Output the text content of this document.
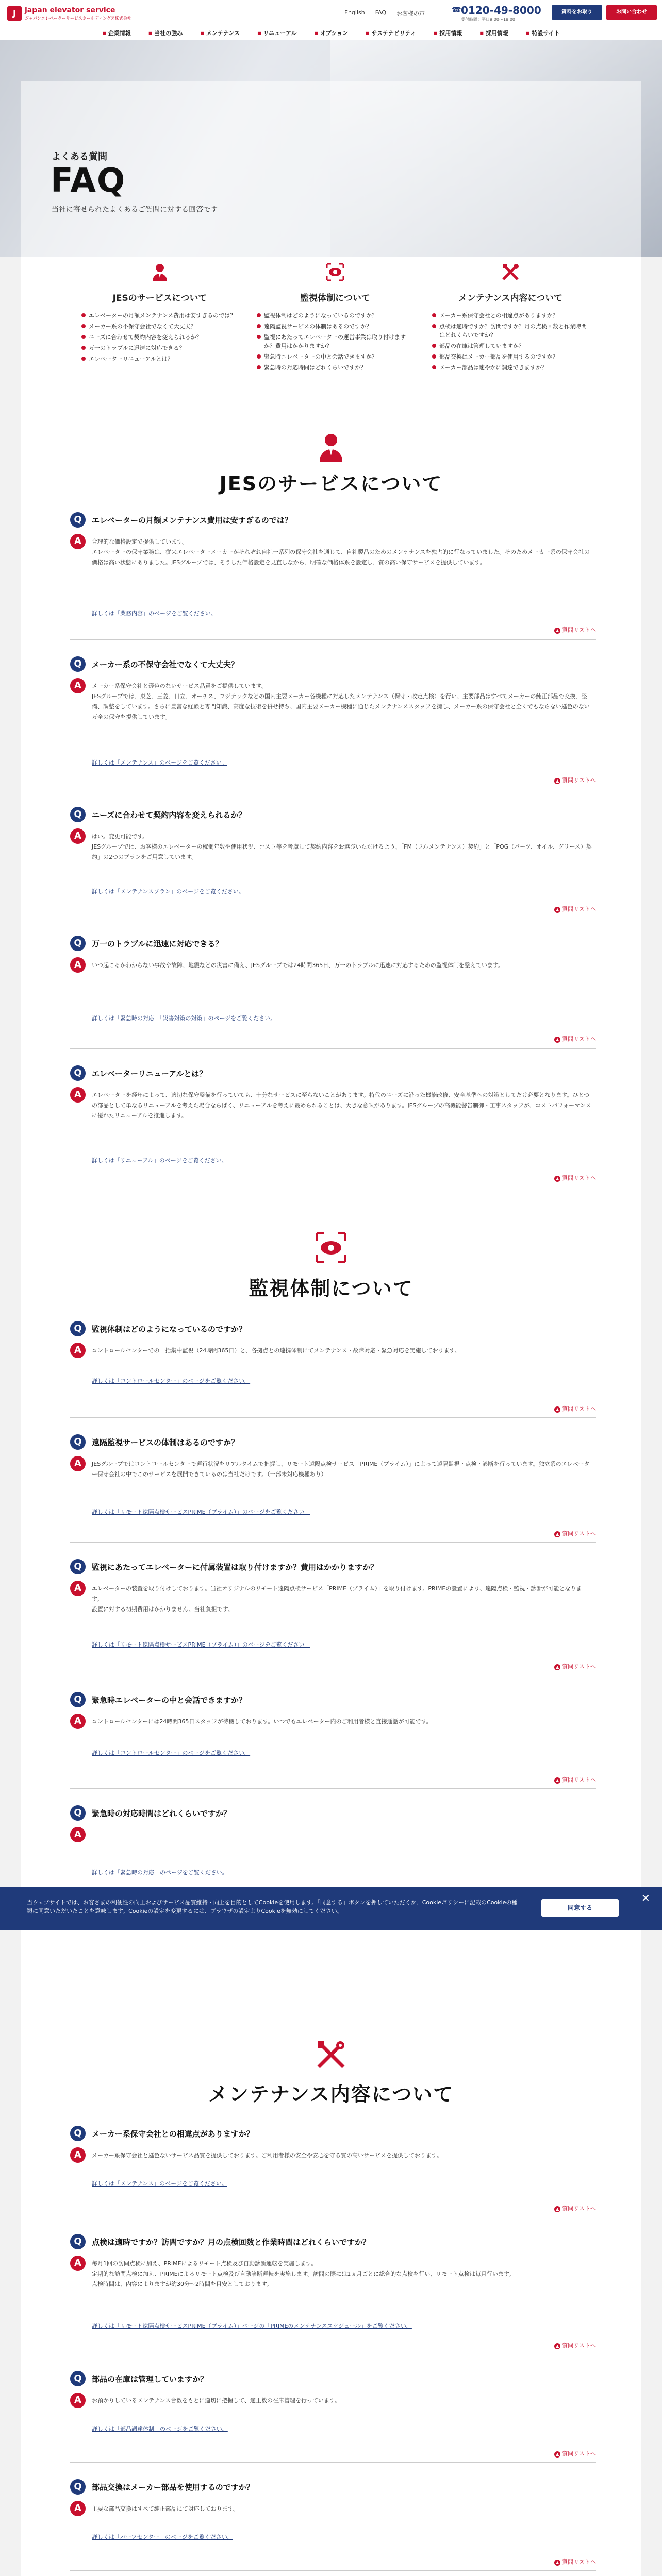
J	japan elevator service
ジャパンエレベーターサービスホールディングス株式会社
English FAQ お客様の声	☎ 0120-49-8000
受付時間：平日9:00〜18:00
資料をお取り	お問い合わせ
■ 企業情報	■ 当社の強み	■ メンテナンス	■ リニューアル	■ オプション	■ サステナビリティ	■ 採用情報	■ 採用情報	■ 特設サイト
よくある質問
FAQ
当社に寄せられたよくあるご質問に対する回答です
JESのサービスについて
エレベーターの月額メンテナンス費用は安すぎるのでは？
メーカー系の不保守会社でなくて大丈夫？
ニーズに合わせて契約内容を変えられるか？
万一のトラブルに迅速に対応できる？
エレベーターリニューアルとは？
監視体制について
監視体制はどのようになっているのですか？
遠隔監視サービスの体制はあるのですか？
監視にあたってエレベーターの運営事業は取り付けますか？費用はかかりますか？
緊急時エレベーターの中と会話できますか？
緊急時の対応時間はどれくらいですか？
メンテナンス内容について
メーカー系保守会社との相違点がありますか？
点検は適時ですか？訪問ですか？月の点検回数と作業時間はどれくらいですか？
部品の在庫は管理していますか？
部品交換はメーカー部品を使用するのですか？
メーカー部品は速やかに調達できますか？
JESのサービスについて
Q	エレベーターの月額メンテナンス費用は安すぎるのでは？
A	合理的な価格設定で提供しています。
エレベーターの保守業務は、従来エレベーターメーカーがそれぞれ自社一系列の保守会社を通じて、自社製品のためのメンテナンスを独占的に行なっていました。そのためメーカー系の保守会社の価格は高い状態にありました。JESグループでは、そうした価格設定を見直しなから、明確な価格体系を設定し、質の高い保守サービスを提供しています。
詳しくは「業務内容」のページをご覧ください。
▲ 質問リストへ
Q	メーカー系の不保守会社でなくて大丈夫？
A	メーカー系保守会社と遜色のないサービス品質をご提供しています。
JESグループでは、東芝、三菱、日立、オーチス、フジテックなどの国内主要メーカー各機種に対応したメンテナンス（保守・改定点検）を行い、主要部品はすべてメーカーの純正部品で交換、整備、調整をしています。さらに豊富な経験と専門知識、高度な技術を併せ持ち、国内主要メーカー機種に通じたメンテナンススタッフを擁し、メーカー系の保守会社と全くでもならない遜色のない万全の保守を提供しています。
詳しくは「メンテナンス」のページをご覧ください。
▲ 質問リストへ
Q	ニーズに合わせて契約内容を変えられるか？
A	はい。変更可能です。
JESグループでは、お客様のエレベーターの稼働年数や使用状況、コスト等を考慮して契約内容をお選びいただけるよう、「FM（フルメンテナンス）契約」と「POG（パーツ、オイル、グリース）契約」の2つのプランをご用意しています。
詳しくは「メンテナンスプラン」のページをご覧ください。
▲ 質問リストへ
Q	万一のトラブルに迅速に対応できる？
A	いつ起こるかわからない事故や故障、地震などの災害に備え、JESグループでは24時間365日、万一のトラブルに迅速に対応するための監視体制を整えています。
詳しくは「緊急時の対応」「災害対策の対策」のページをご覧ください。
▲ 質問リストへ
Q	エレベーターリニューアルとは？
A	エレベーターを経年によって、適切な保守整備を行っていても、十分なサービスに至らないことがあります。特代のニーズに沿った機能改修、安全基準への対策としてだけ必要となります。ひとつの部品として単なるリニューアルを考えた場合ならばく、リニューアルを考えに最められることは、大きな意味があります。JESグループの高機能警告制御・工事スタッフが、コストパフォーマンスに優れたリニューアルを推進します。
詳しくは「リニューアル」のページをご覧ください。
▲ 質問リストへ
監視体制について
Q	監視体制はどのようになっているのですか？
A	コントロールセンターでの一括集中監視（24時間365日）と、各拠点との連携体制にてメンテナンス・故障対応・緊急対応を実施しております。
詳しくは「コントロールセンター」のページをご覧ください。
▲ 質問リストへ
Q	遠隔監視サービスの体制はあるのですか？
A	JESグループではコントロールセンターで運行状況をリアルタイムで把握し、リモート遠隔点検サービス「PRIME（プライム）」によって遠隔監視・点検・診断を行っています。独立系のエレベーター保守会社の中でこのサービスを展開できているのは当社だけです。（一部未対応機種あり）
詳しくは「リモート遠隔点検サービスPRIME（プライム）」のページをご覧ください。
▲ 質問リストへ
Q	監視にあたってエレベーターに付属装置は取り付けますか？費用はかかりますか？
A	エレベーターの装置を取り付けしております。当社オリジナルのリモート遠隔点検サービス「PRIME（プライム）」を取り付けます。PRIMEの設置により、遠隔点検・監視・診断が可能となります。
設置に対する初期費用はかかりません。当社負担です。
詳しくは「リモート遠隔点検サービスPRIME（プライム）」のページをご覧ください。
▲ 質問リストへ
Q	緊急時エレベーターの中と会話できますか？
A	コントロールセンターには24時間365日スタッフが待機しております。いつでもエレベーター内のご利用者様と直接通話が可能です。
詳しくは「コントロールセンター」のページをご覧ください。
▲ 質問リストへ
Q	緊急時の対応時間はどれくらいですか？
A
詳しくは「緊急時の対応」のページをご覧ください。
メンテナンス内容について
Q	メーカー系保守会社との相違点がありますか？
A	メーカー系保守会社と遜色ないサービス品質を提供しております。ご利用者様の安全や安心を守る質の高いサービスを提供しております。
詳しくは「メンテナンス」のページをご覧ください。
▲ 質問リストへ
Q	点検は適時ですか？訪問ですか？月の点検回数と作業時間はどれくらいですか？
A	毎月1回の訪問点検に加え、PRIMEによるリモート点検及び自動診断運転を実施します。
定期的な訪問点検に加え、PRIMEによるリモート点検及び自動診断運転を実施します。訪問の際には1ヵ月ごとに総合的な点検を行い、リモート点検は毎月行います。
点検時間は、内容によりますが約30分〜2時間を目安としております。
詳しくは「リモート遠隔点検サービスPRIME（プライム）」ページの「PRIMEのメンテナンススケジュール」をご覧ください。
▲ 質問リストへ
Q	部品の在庫は管理していますか？
A	お預かりしているメンテナンス台数をもとに適切に把握して、適正数の在庫管理を行っています。
詳しくは「部品調達体制」のページをご覧ください。
▲ 質問リストへ
Q	部品交換はメーカー部品を使用するのですか？
A	主要な部品交換はすべて純正部品にて対応しております。
詳しくは「パーツセンター」のページをご覧ください。
▲ 質問リストへ
当ウェブサイトでは、お客さまの利便性の向上およびサービス品質維持・向上を目的としてCookieを使用します。「同意する」ボタンを押していただくか、Cookieポリシーに記載のCookieの種類に同意いただいたことを意味します。Cookieの設定を変更するには、ブラウザの設定よりCookieを無効にしてください。	同意する
✕
